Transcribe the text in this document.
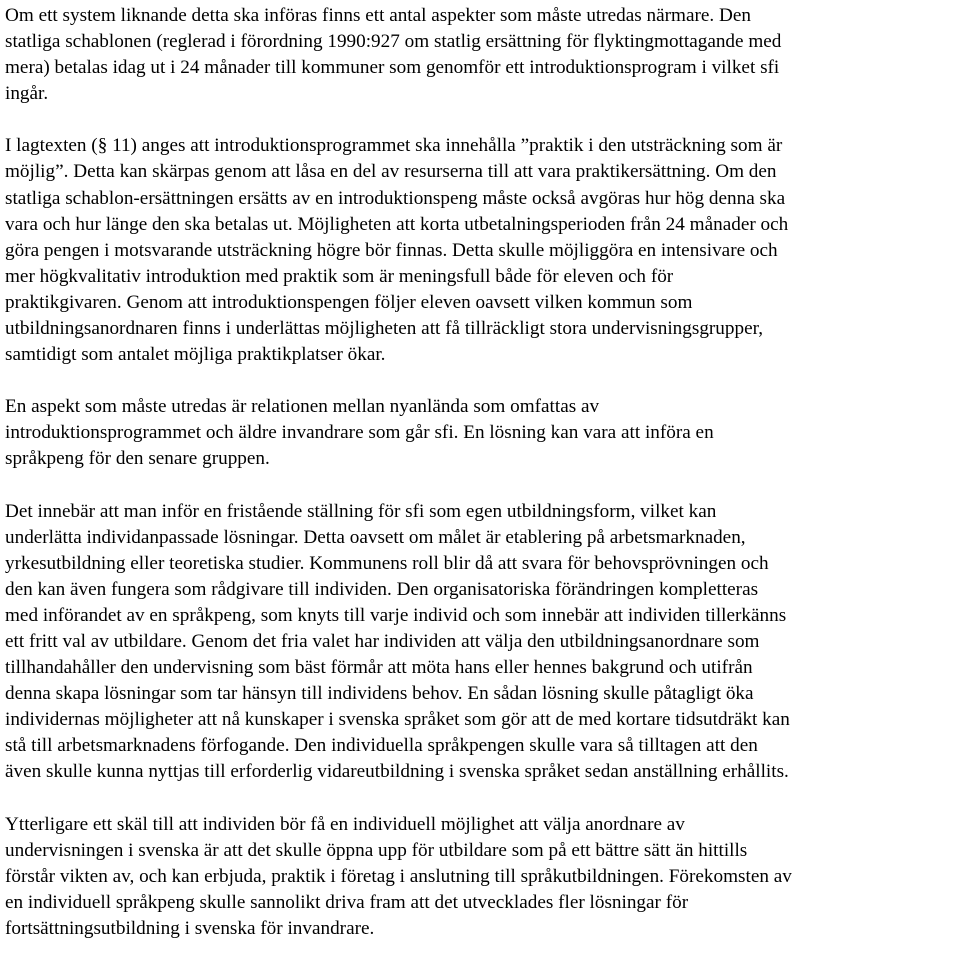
Om ett system liknande detta ska införas finns ett antal aspekter som måste utredas närmare. Den
statliga schablonen (reglerad i förordning 1990:927 om statlig ersättning för flyktingmottagande med
mera) betalas idag ut i 24 månader till kommuner som genomför ett introduktionsprogram i vilket sfi
ingår.

I lagtexten (§ 11) anges att introduktionsprogrammet ska innehålla ”praktik i den utsträckning som är
möjlig”. Detta kan skärpas genom att låsa en del av resurserna till att vara praktikersättning. Om den
statliga schablon-ersättningen ersätts av en introduktionspeng måste också avgöras hur hög denna ska
vara och hur länge den ska betalas ut. Möjligheten att korta utbetalningsperioden från 24 månader och
göra pengen i motsvarande utsträckning högre bör finnas. Detta skulle möjliggöra en intensivare och
mer högkvalitativ introduktion med praktik som är meningsfull både för eleven och för
praktikgivaren. Genom att introduktionspengen följer eleven oavsett vilken kommun som
utbildningsanordnaren finns i underlättas möjligheten att få tillräckligt stora undervisningsgrupper,
samtidigt som antalet möjliga praktikplatser ökar.

En aspekt som måste utredas är relationen mellan nyanlända som omfattas av
introduktionsprogrammet och äldre invandrare som går sfi. En lösning kan vara att införa en
språkpeng för den senare gruppen.

Det innebär att man inför en fristående ställning för sfi som egen utbildningsform, vilket kan
underlätta individanpassade lösningar. Detta oavsett om målet är etablering på arbetsmarknaden,
yrkesutbildning eller teoretiska studier. Kommunens roll blir då att svara för behovsprövningen och
den kan även fungera som rådgivare till individen. Den organisatoriska förändringen kompletteras
med införandet av en språkpeng, som knyts till varje individ och som innebär att individen tillerkänns
ett fritt val av utbildare. Genom det fria valet har individen att välja den utbildningsanordnare som
tillhandahåller den undervisning som bäst förmår att möta hans eller hennes bakgrund och utifrån
denna skapa lösningar som tar hänsyn till individens behov. En sådan lösning skulle påtagligt öka
individernas möjligheter att nå kunskaper i svenska språket som gör att de med kortare tidsutdräkt kan
stå till arbetsmarknadens förfogande. Den individuella språkpengen skulle vara så tilltagen att den
även skulle kunna nyttjas till erforderlig vidareutbildning i svenska språket sedan anställning erhållits.

Ytterligare ett skäl till att individen bör få en individuell möjlighet att välja anordnare av
undervisningen i svenska är att det skulle öppna upp för utbildare som på ett bättre sätt än hittills
förstår vikten av, och kan erbjuda, praktik i företag i anslutning till språkutbildningen. Förekomsten av
en individuell språkpeng skulle sannolikt driva fram att det utvecklades fler lösningar för
fortsättningsutbildning i svenska för invandrare.
